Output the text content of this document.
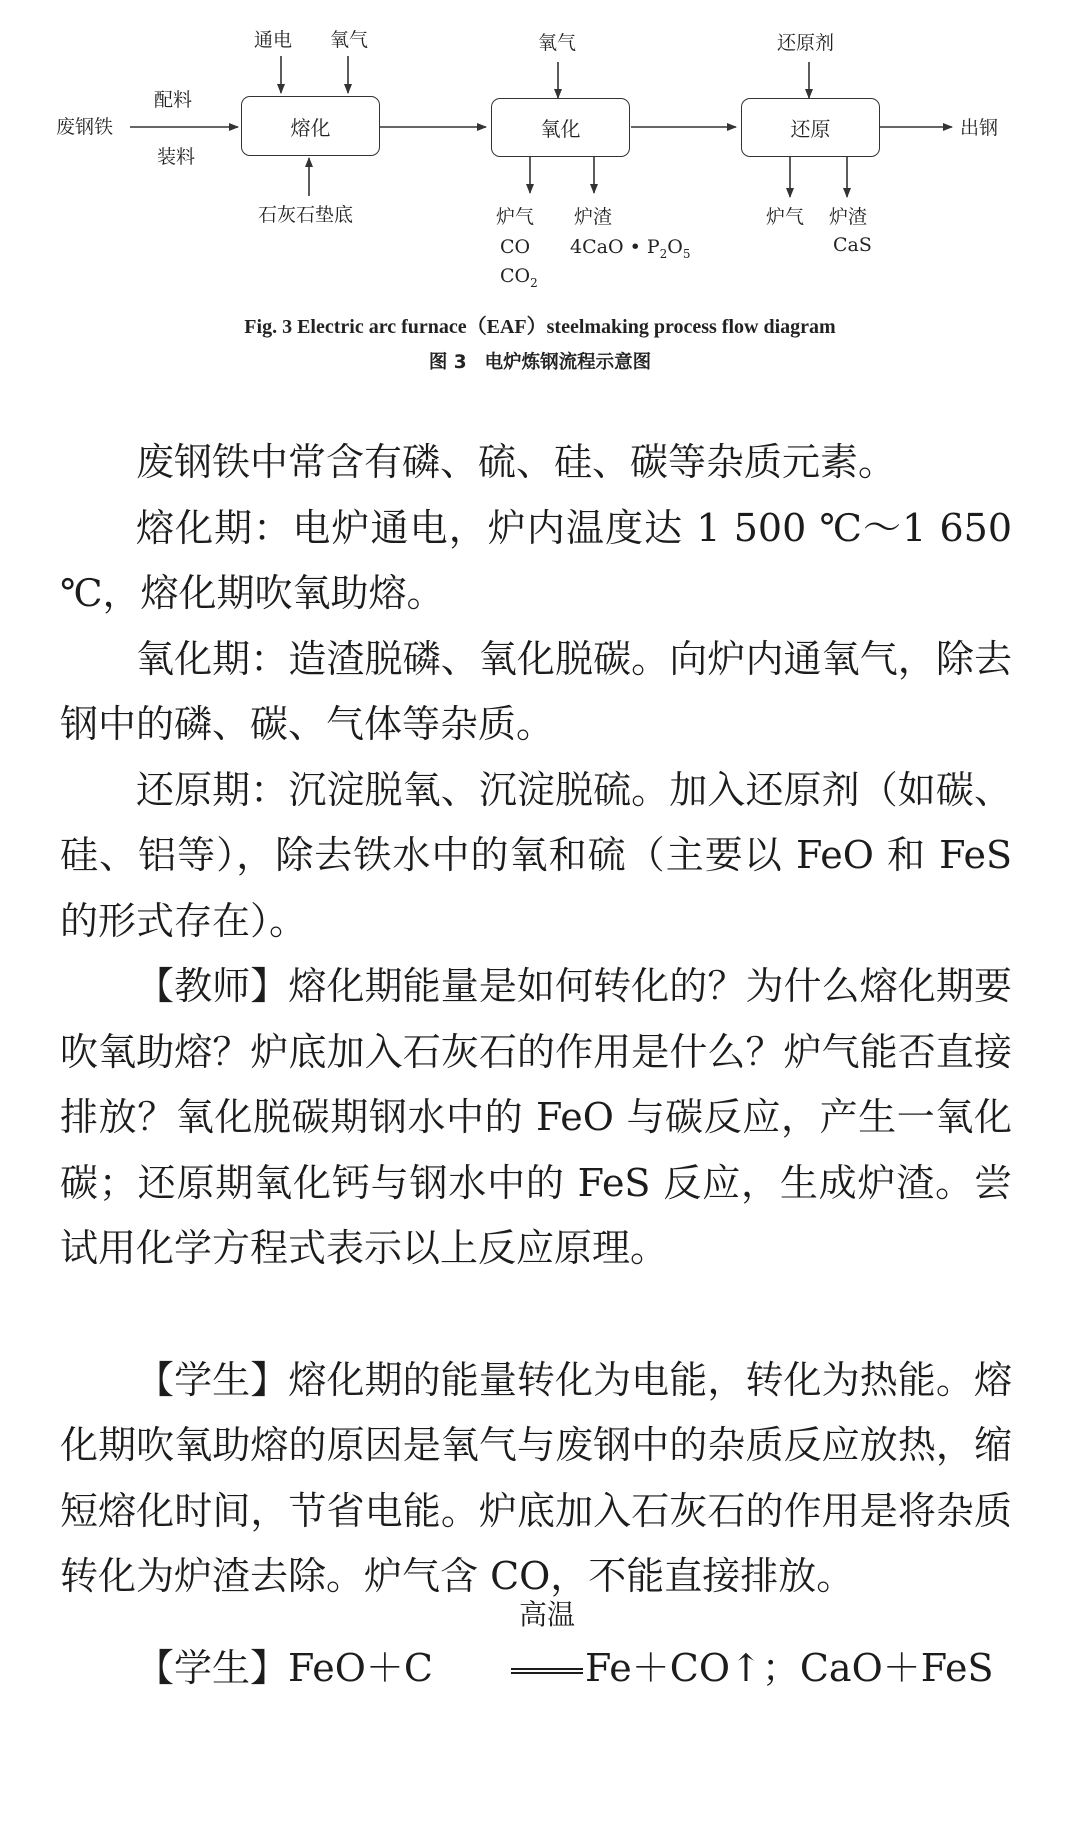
熔化	氧化	还原
废钢铁
配料
装料
通电 氧气	氧气	还原剂
石灰石垫底
出钢
炉气
CO
$CO_2$
炉渣
4CaO • $P_2O_5$
炉气 炉渣
CaS
Fig. 3 Electric arc furnace（EAF）steelmaking process flow diagram
图 3 电炉炼钢流程示意图

废钢铁中常含有磷、硫、硅、碳等杂质元素。

熔化期：电炉通电，炉内温度达 1 500 ℃～1 650 ℃，熔化期吹氧助熔。

氧化期：造渣脱磷、氧化脱碳。向炉内通氧气，除去钢中的磷、碳、气体等杂质。

还原期：沉淀脱氧、沉淀脱硫。加入还原剂（如碳、硅、铝等），除去铁水中的氧和硫（主要以 FeO 和 FeS 的形式存在）。

【教师】熔化期能量是如何转化的？为什么熔化期要吹氧助熔？炉底加入石灰石的作用是什么？炉气能否直接排放？氧化脱碳期钢水中的 FeO 与碳反应，产生一氧化碳；还原期氧化钙与钢水中的 FeS 反应，生成炉渣。尝试用化学方程式表示以上反应原理。

【学生】熔化期的能量转化为电能，转化为热能。熔化期吹氧助熔的原因是氧气与废钢中的杂质反应放热，缩短熔化时间，节省电能。炉底加入石灰石的作用是将杂质转化为炉渣去除。炉气含 CO，不能直接排放。

【学生】FeO＋C
高温
Fe＋CO↑；CaO＋FeS
